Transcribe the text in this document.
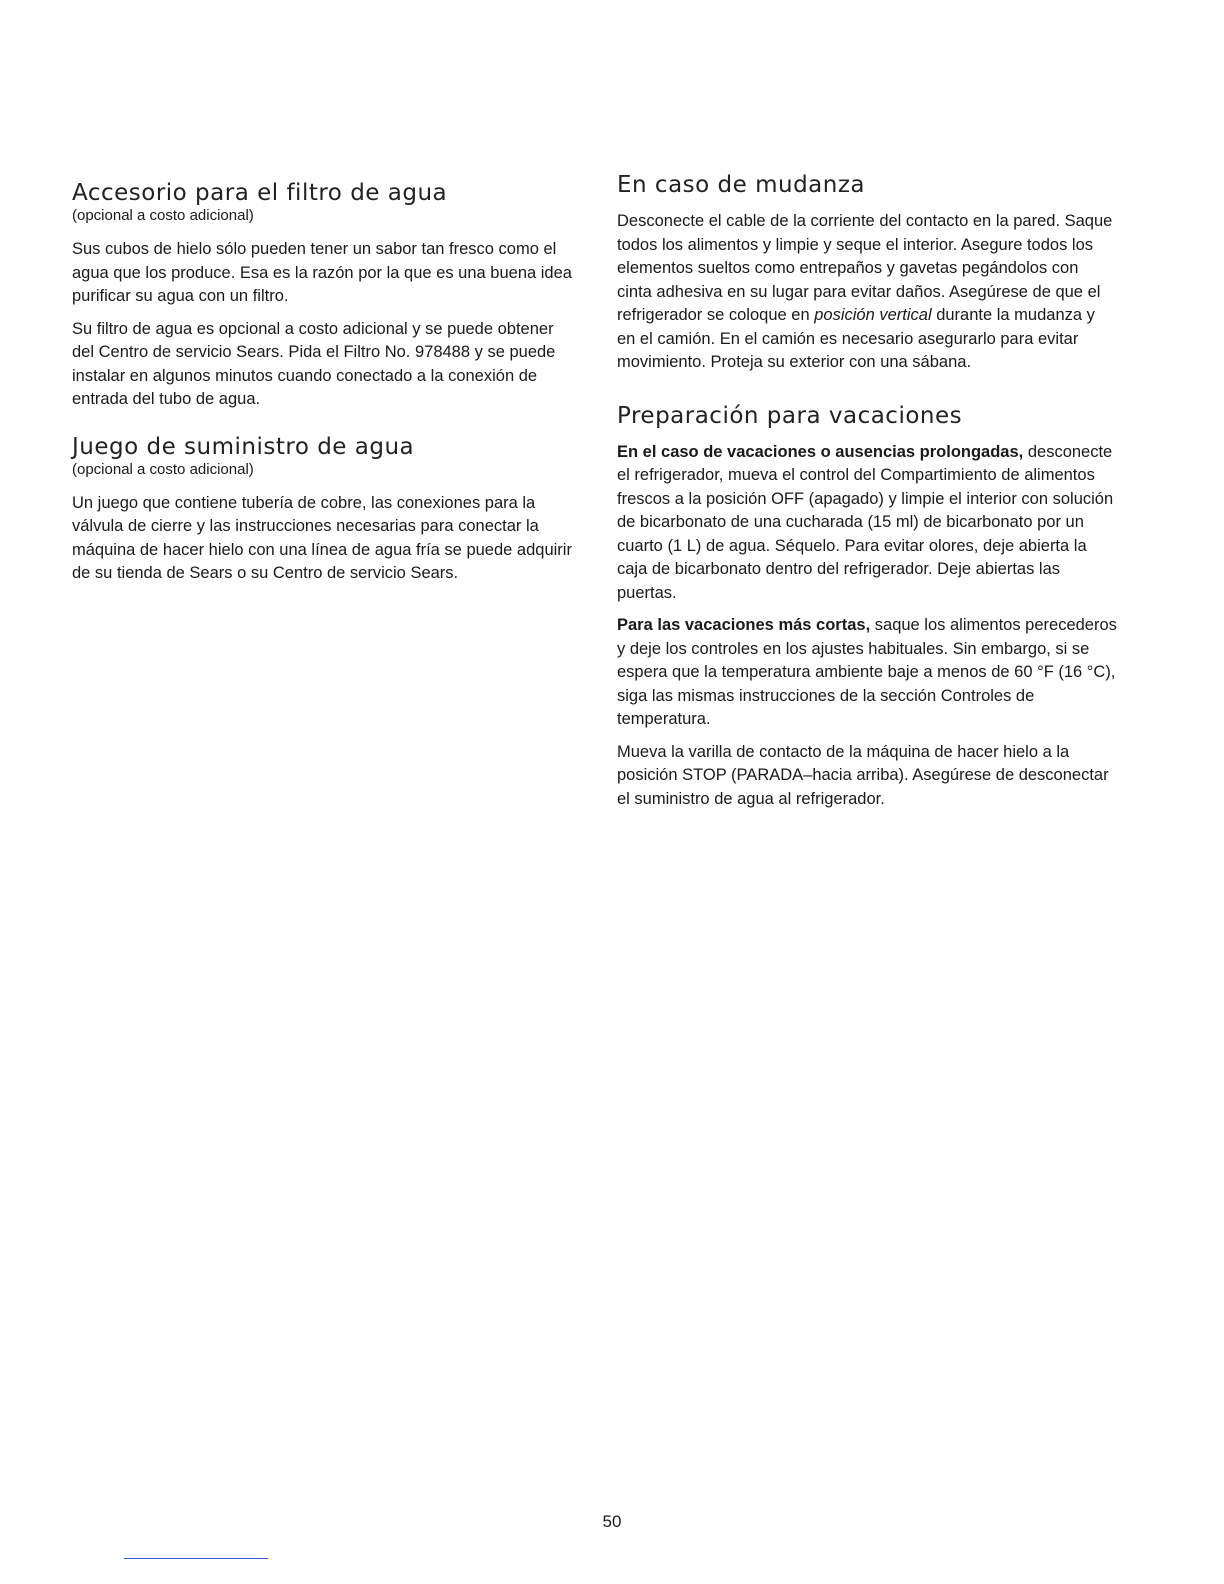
Accesorio para el filtro de agua
(opcional a costo adicional)

Sus cubos de hielo sólo pueden tener un sabor tan fresco como el agua que los produce. Esa es la razón por la que es una buena idea purificar su agua con un filtro.

Su filtro de agua es opcional a costo adicional y se puede obtener del Centro de servicio Sears. Pida el Filtro No. 978488 y se puede instalar en algunos minutos cuando conectado a la conexión de entrada del tubo de agua.

Juego de suministro de agua
(opcional a costo adicional)

Un juego que contiene tubería de cobre, las conexiones para la válvula de cierre y las instrucciones necesarias para conectar la máquina de hacer hielo con una línea de agua fría se puede adquirir de su tienda de Sears o su Centro de servicio Sears.

En caso de mudanza

Desconecte el cable de la corriente del contacto en la pared. Saque todos los alimentos y limpie y seque el interior. Asegure todos los elementos sueltos como entrepaños y gavetas pegándolos con cinta adhesiva en su lugar para evitar daños. Asegúrese de que el refrigerador se coloque en posición vertical durante la mudanza y en el camión. En el camión es necesario asegurarlo para evitar movimiento. Proteja su exterior con una sábana.

Preparación para vacaciones

En el caso de vacaciones o ausencias prolongadas, desconecte el refrigerador, mueva el control del Compartimiento de alimentos frescos a la posición OFF (apagado) y limpie el interior con solución de bicarbonato de una cucharada (15 ml) de bicarbonato por un cuarto (1 L) de agua. Séquelo. Para evitar olores, deje abierta la caja de bicarbonato dentro del refrigerador. Deje abiertas las puertas.

Para las vacaciones más cortas, saque los alimentos perecederos y deje los controles en los ajustes habituales. Sin embargo, si se espera que la temperatura ambiente baje a menos de 60 °F (16 °C), siga las mismas instrucciones de la sección Controles de temperatura.

Mueva la varilla de contacto de la máquina de hacer hielo a la posición STOP (PARADA–hacia arriba). Asegúrese de desconectar el suministro de agua al refrigerador.

50
